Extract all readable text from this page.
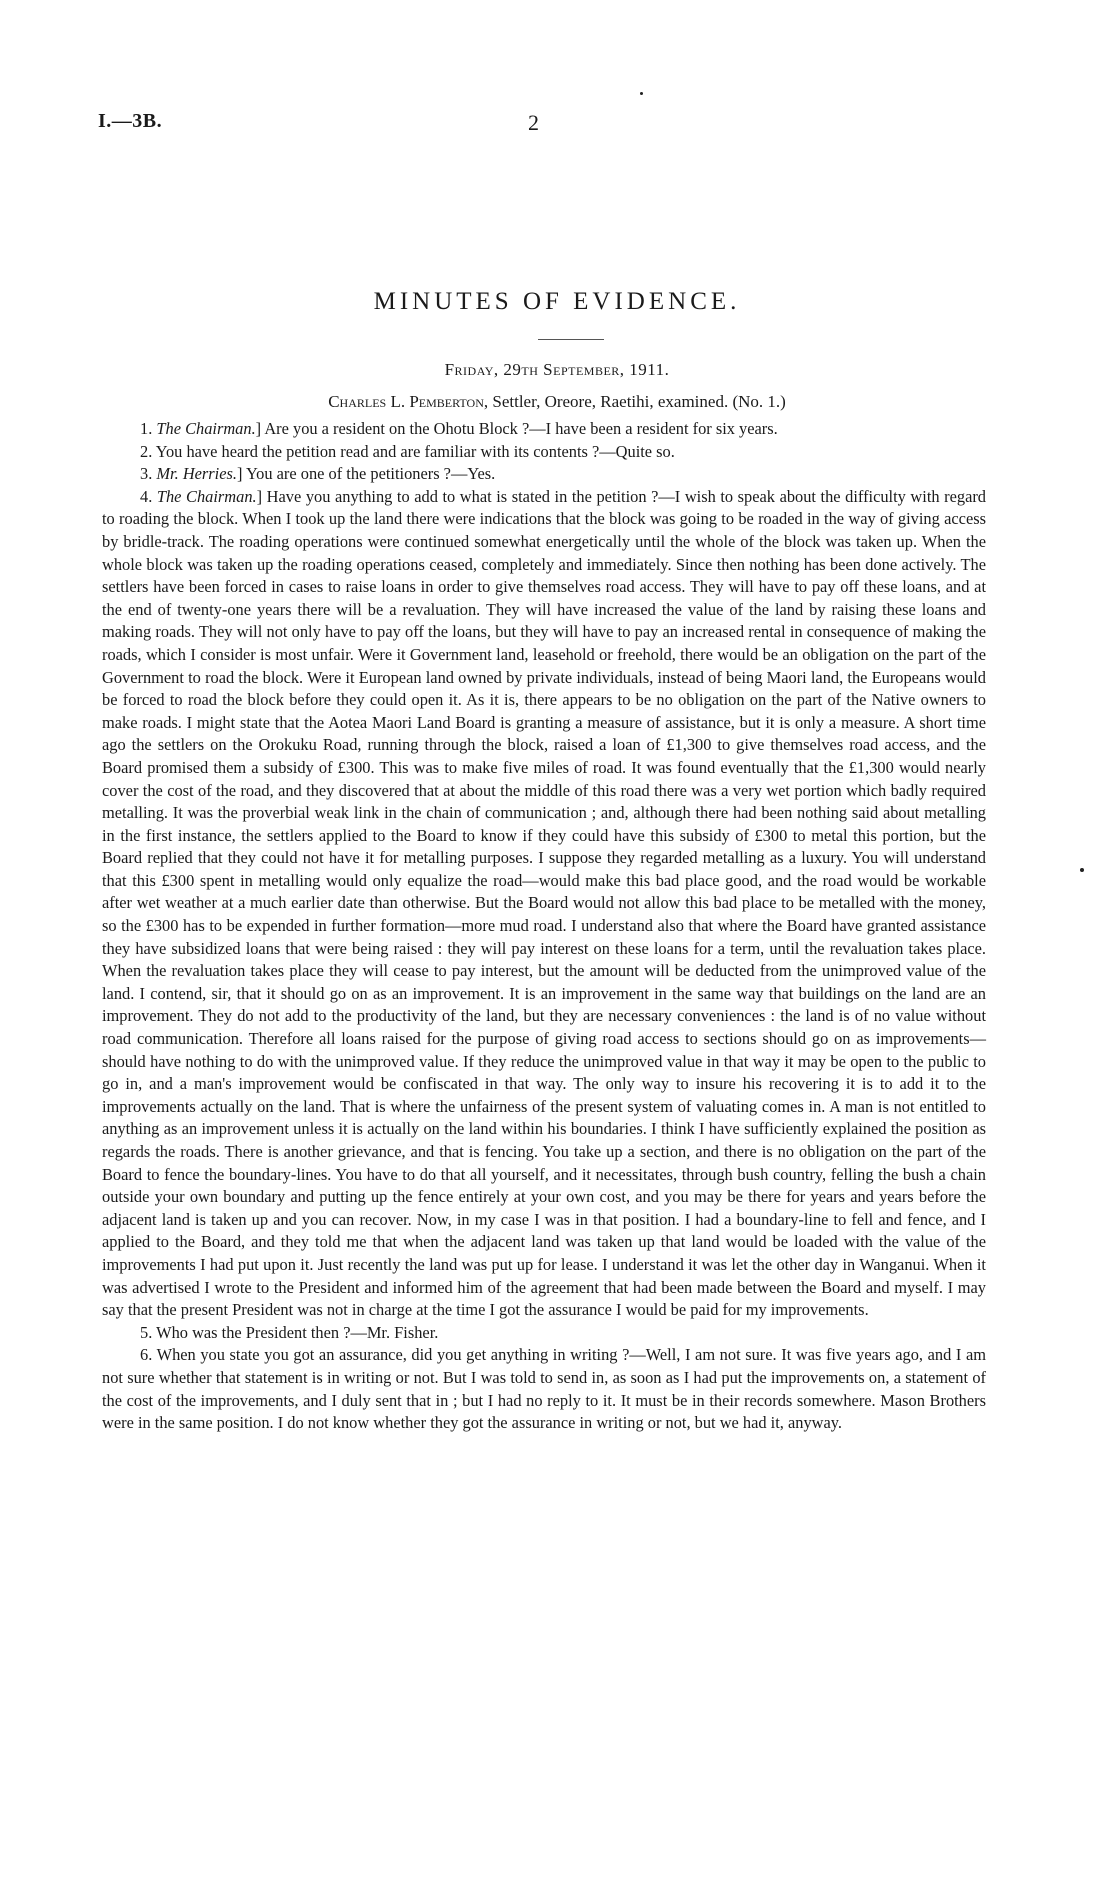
I.—3B.	2
MINUTES OF EVIDENCE.
Friday, 29th September, 1911.
Charles L. Pemberton, Settler, Oreore, Raetihi, examined. (No. 1.)

1. The Chairman.] Are you a resident on the Ohotu Block ?—I have been a resident for six years.

2. You have heard the petition read and are familiar with its contents ?—Quite so.

3. Mr. Herries.] You are one of the petitioners ?—Yes.

4. The Chairman.] Have you anything to add to what is stated in the petition ?—I wish to speak about the difficulty with regard to roading the block. When I took up the land there were indications that the block was going to be roaded in the way of giving access by bridle-track. The roading operations were continued somewhat energetically until the whole of the block was taken up. When the whole block was taken up the roading operations ceased, completely and immediately. Since then nothing has been done actively. The settlers have been forced in cases to raise loans in order to give themselves road access. They will have to pay off these loans, and at the end of twenty-one years there will be a revaluation. They will have increased the value of the land by raising these loans and making roads. They will not only have to pay off the loans, but they will have to pay an increased rental in consequence of making the roads, which I consider is most unfair. Were it Government land, leasehold or freehold, there would be an obligation on the part of the Government to road the block. Were it European land owned by private individuals, instead of being Maori land, the Europeans would be forced to road the block before they could open it. As it is, there appears to be no obligation on the part of the Native owners to make roads. I might state that the Aotea Maori Land Board is granting a measure of assistance, but it is only a measure. A short time ago the settlers on the Orokuku Road, running through the block, raised a loan of £1,300 to give themselves road access, and the Board promised them a subsidy of £300. This was to make five miles of road. It was found eventually that the £1,300 would nearly cover the cost of the road, and they discovered that at about the middle of this road there was a very wet portion which badly required metalling. It was the proverbial weak link in the chain of communication ; and, although there had been nothing said about metalling in the first instance, the settlers applied to the Board to know if they could have this subsidy of £300 to metal this portion, but the Board replied that they could not have it for metalling purposes. I suppose they regarded metalling as a luxury. You will understand that this £300 spent in metalling would only equalize the road—would make this bad place good, and the road would be workable after wet weather at a much earlier date than otherwise. But the Board would not allow this bad place to be metalled with the money, so the £300 has to be expended in further formation—more mud road. I understand also that where the Board have granted assistance they have subsidized loans that were being raised : they will pay interest on these loans for a term, until the revaluation takes place. When the revaluation takes place they will cease to pay interest, but the amount will be deducted from the unimproved value of the land. I contend, sir, that it should go on as an improvement. It is an improvement in the same way that buildings on the land are an improvement. They do not add to the productivity of the land, but they are necessary conveniences : the land is of no value without road communication. Therefore all loans raised for the purpose of giving road access to sections should go on as improvements—should have nothing to do with the unimproved value. If they reduce the unimproved value in that way it may be open to the public to go in, and a man's improvement would be confiscated in that way. The only way to insure his recovering it is to add it to the improvements actually on the land. That is where the unfairness of the present system of valuating comes in. A man is not entitled to anything as an improvement unless it is actually on the land within his boundaries. I think I have sufficiently explained the position as regards the roads. There is another grievance, and that is fencing. You take up a section, and there is no obligation on the part of the Board to fence the boundary-lines. You have to do that all yourself, and it necessitates, through bush country, felling the bush a chain outside your own boundary and putting up the fence entirely at your own cost, and you may be there for years and years before the adjacent land is taken up and you can recover. Now, in my case I was in that position. I had a boundary-line to fell and fence, and I applied to the Board, and they told me that when the adjacent land was taken up that land would be loaded with the value of the improvements I had put upon it. Just recently the land was put up for lease. I understand it was let the other day in Wanganui. When it was advertised I wrote to the President and informed him of the agreement that had been made between the Board and myself. I may say that the present President was not in charge at the time I got the assurance I would be paid for my improvements.

5. Who was the President then ?—Mr. Fisher.

6. When you state you got an assurance, did you get anything in writing ?—Well, I am not sure. It was five years ago, and I am not sure whether that statement is in writing or not. But I was told to send in, as soon as I had put the improvements on, a statement of the cost of the improvements, and I duly sent that in ; but I had no reply to it. It must be in their records somewhere. Mason Brothers were in the same position. I do not know whether they got the assurance in writing or not, but we had it, anyway.
